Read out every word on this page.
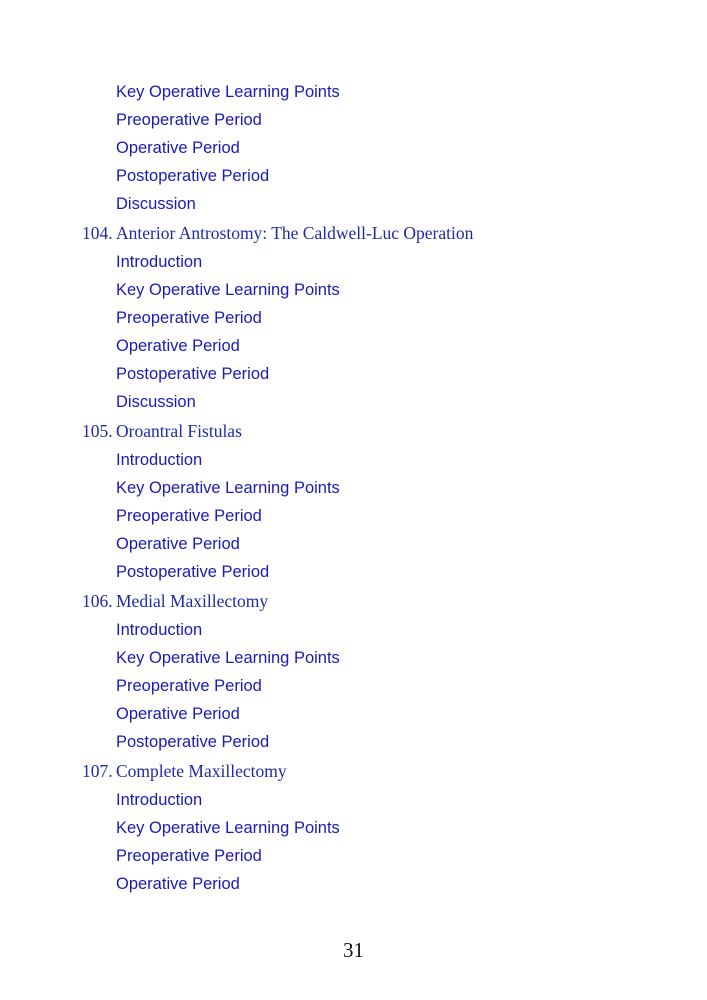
Key Operative Learning Points
Preoperative Period
Operative Period
Postoperative Period
Discussion
104. Anterior Antrostomy: The Caldwell-Luc Operation
Introduction
Key Operative Learning Points
Preoperative Period
Operative Period
Postoperative Period
Discussion
105. Oroantral Fistulas
Introduction
Key Operative Learning Points
Preoperative Period
Operative Period
Postoperative Period
106. Medial Maxillectomy
Introduction
Key Operative Learning Points
Preoperative Period
Operative Period
Postoperative Period
107. Complete Maxillectomy
Introduction
Key Operative Learning Points
Preoperative Period
Operative Period
31
